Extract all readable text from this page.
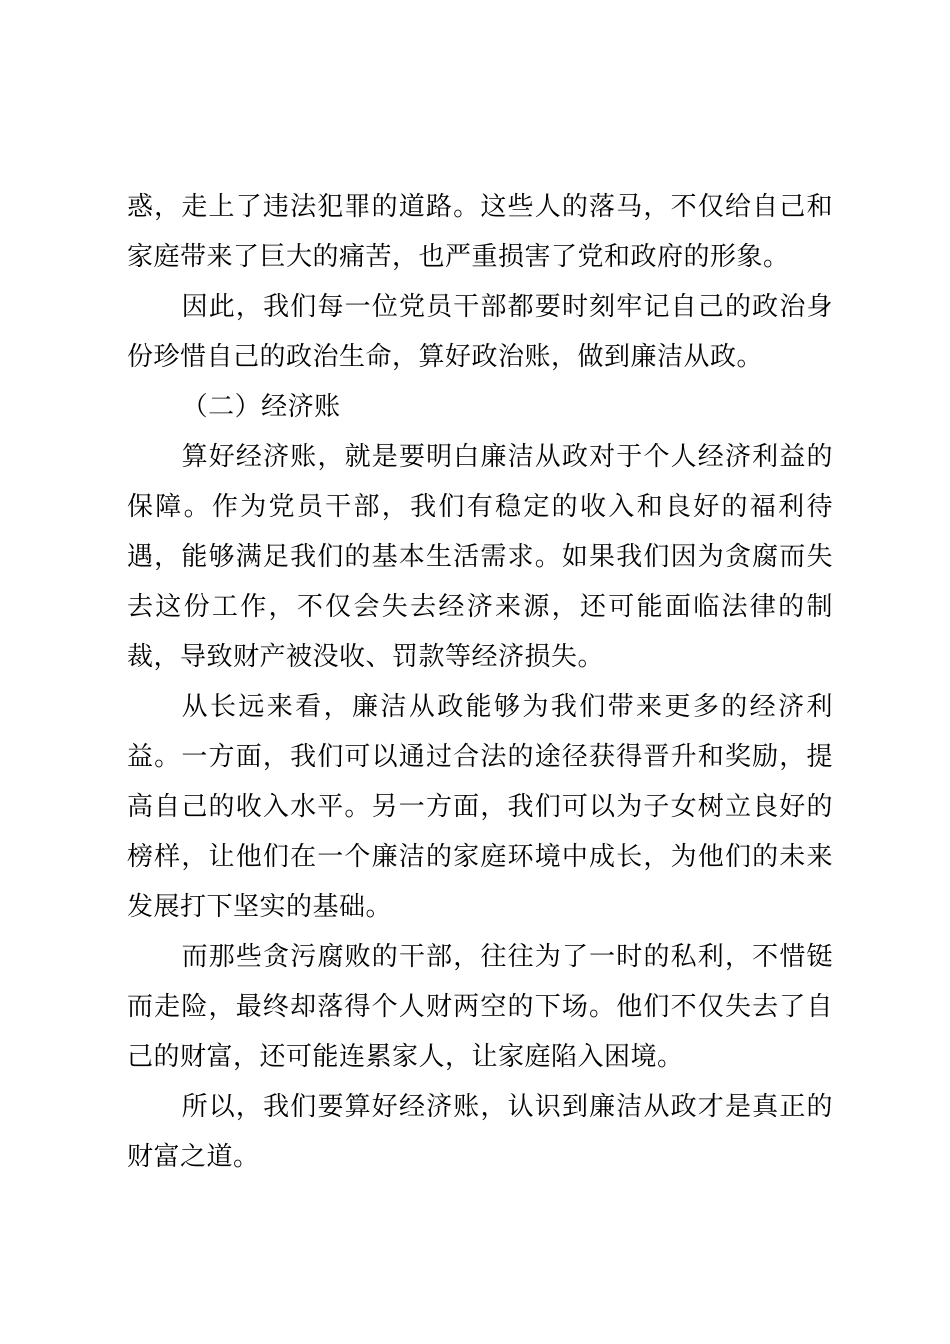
惑，走上了违法犯罪的道路。这些人的落马，不仅给自己和家庭带来了巨大的痛苦，也严重损害了党和政府的形象。

因此，我们每一位党员干部都要时刻牢记自己的政治身份珍惜自己的政治生命，算好政治账，做到廉洁从政。

（二）经济账

算好经济账，就是要明白廉洁从政对于个人经济利益的保障。作为党员干部，我们有稳定的收入和良好的福利待遇，能够满足我们的基本生活需求。如果我们因为贪腐而失去这份工作，不仅会失去经济来源，还可能面临法律的制裁，导致财产被没收、罚款等经济损失。

从长远来看，廉洁从政能够为我们带来更多的经济利益。一方面，我们可以通过合法的途径获得晋升和奖励，提高自己的收入水平。另一方面，我们可以为子女树立良好的榜样，让他们在一个廉洁的家庭环境中成长，为他们的未来发展打下坚实的基础。

而那些贪污腐败的干部，往往为了一时的私利，不惜铤而走险，最终却落得个人财两空的下场。他们不仅失去了自己的财富，还可能连累家人，让家庭陷入困境。

所以，我们要算好经济账，认识到廉洁从政才是真正的财富之道。
